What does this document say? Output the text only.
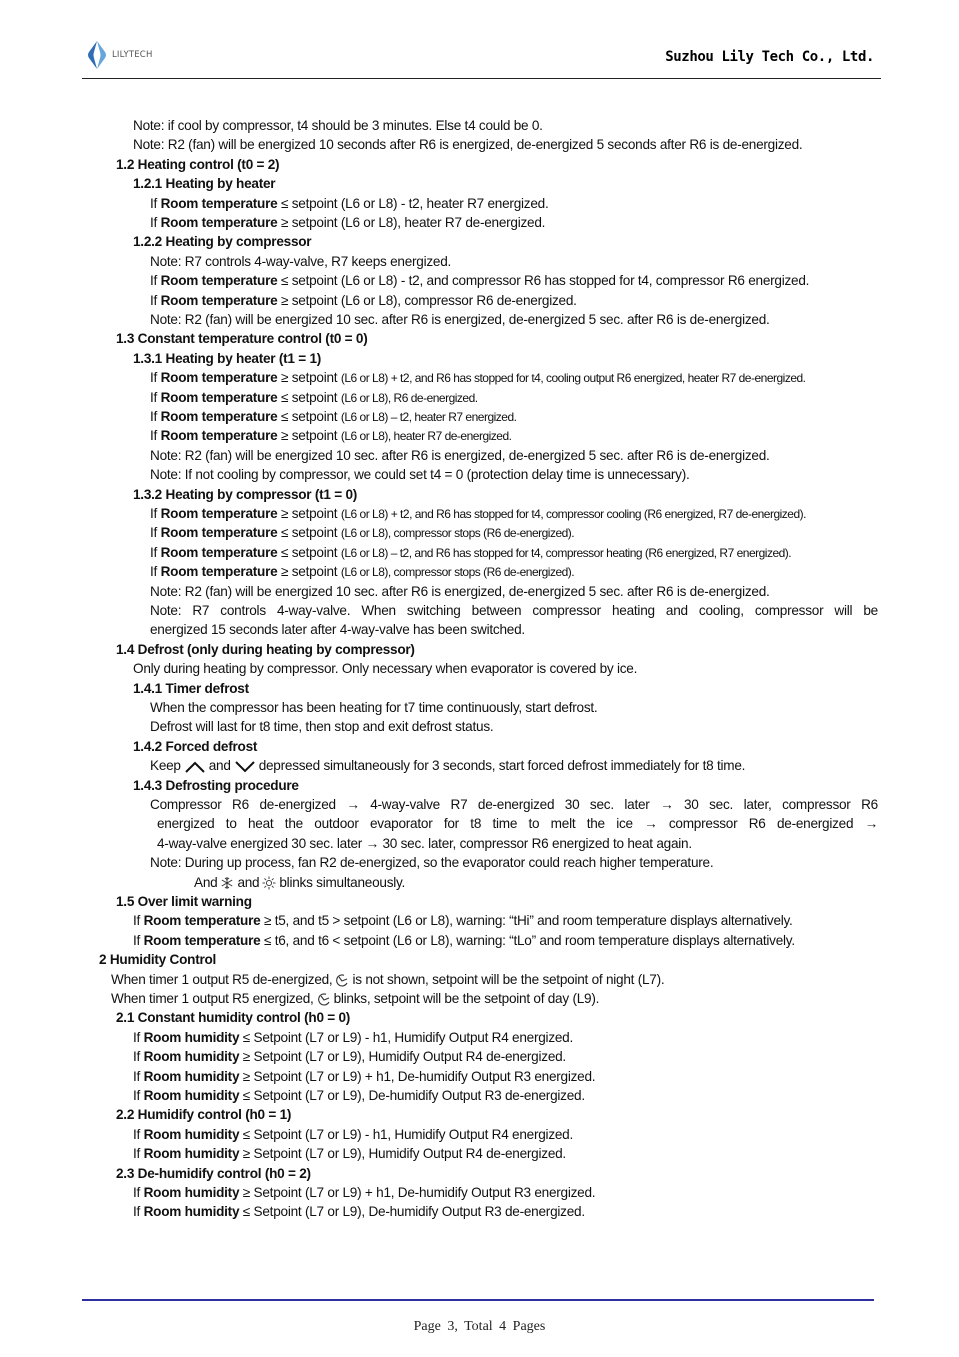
LILYTECH	Suzhou Lily Tech Co., Ltd.
Note: if cool by compressor, t4 should be 3 minutes. Else t4 could be 0.
Note: R2 (fan) will be energized 10 seconds after R6 is energized, de-energized 5 seconds after R6 is de-energized.
1.2 Heating control (t0 = 2)
1.2.1 Heating by heater
If Room temperature ≤ setpoint (L6 or L8) - t2, heater R7 energized.
If Room temperature ≥ setpoint (L6 or L8), heater R7 de-energized.
1.2.2 Heating by compressor
Note: R7 controls 4-way-valve, R7 keeps energized.
If Room temperature ≤ setpoint (L6 or L8) - t2, and compressor R6 has stopped for t4, compressor R6 energized.
If Room temperature ≥ setpoint (L6 or L8), compressor R6 de-energized.
Note: R2 (fan) will be energized 10 sec. after R6 is energized, de-energized 5 sec. after R6 is de-energized.
1.3 Constant temperature control (t0 = 0)
1.3.1 Heating by heater (t1 = 1)
If Room temperature ≥ setpoint (L6 or L8) + t2, and R6 has stopped for t4, cooling output R6 energized, heater R7 de-energized.
If Room temperature ≤ setpoint (L6 or L8), R6 de-energized.
If Room temperature ≤ setpoint (L6 or L8) – t2, heater R7 energized.
If Room temperature ≥ setpoint (L6 or L8), heater R7 de-energized.
Note: R2 (fan) will be energized 10 sec. after R6 is energized, de-energized 5 sec. after R6 is de-energized.
Note: If not cooling by compressor, we could set t4 = 0 (protection delay time is unnecessary).
1.3.2 Heating by compressor (t1 = 0)
If Room temperature ≥ setpoint (L6 or L8) + t2, and R6 has stopped for t4, compressor cooling (R6 energized, R7 de-energized).
If Room temperature ≤ setpoint (L6 or L8), compressor stops (R6 de-energized).
If Room temperature ≤ setpoint (L6 or L8) – t2, and R6 has stopped for t4, compressor heating (R6 energized, R7 energized).
If Room temperature ≥ setpoint (L6 or L8), compressor stops (R6 de-energized).
Note: R2 (fan) will be energized 10 sec. after R6 is energized, de-energized 5 sec. after R6 is de-energized.
Note: R7 controls 4-way-valve. When switching between compressor heating and cooling, compressor will be
energized 15 seconds later after 4-way-valve has been switched.
1.4 Defrost (only during heating by compressor)
Only during heating by compressor. Only necessary when evaporator is covered by ice.
1.4.1 Timer defrost
When the compressor has been heating for t7 time continuously, start defrost.
Defrost will last for t8 time, then stop and exit defrost status.
1.4.2 Forced defrost
Keep and depressed simultaneously for 3 seconds, start forced defrost immediately for t8 time.
1.4.3 Defrosting procedure
Compressor R6 de-energized → 4-way-valve R7 de-energized 30 sec. later → 30 sec. later, compressor R6
energized to heat the outdoor evaporator for t8 time to melt the ice → compressor R6 de-energized →
4-way-valve energized 30 sec. later → 30 sec. later, compressor R6 energized to heat again.
Note: During up process, fan R2 de-energized, so the evaporator could reach higher temperature.
And and blinks simultaneously.
1.5 Over limit warning
If Room temperature ≥ t5, and t5 > setpoint (L6 or L8), warning: “tHi” and room temperature displays alternatively.
If Room temperature ≤ t6, and t6 < setpoint (L6 or L8), warning: “tLo” and room temperature displays alternatively.
2 Humidity Control
When timer 1 output R5 de-energized, is not shown, setpoint will be the setpoint of night (L7).
When timer 1 output R5 energized, blinks, setpoint will be the setpoint of day (L9).
2.1 Constant humidity control (h0 = 0)
If Room humidity ≤ Setpoint (L7 or L9) - h1, Humidify Output R4 energized.
If Room humidity ≥ Setpoint (L7 or L9), Humidify Output R4 de-energized.
If Room humidity ≥ Setpoint (L7 or L9) + h1, De-humidify Output R3 energized.
If Room humidity ≤ Setpoint (L7 or L9), De-humidify Output R3 de-energized.
2.2 Humidify control (h0 = 1)
If Room humidity ≤ Setpoint (L7 or L9) - h1, Humidify Output R4 energized.
If Room humidity ≥ Setpoint (L7 or L9), Humidify Output R4 de-energized.
2.3 De-humidify control (h0 = 2)
If Room humidity ≥ Setpoint (L7 or L9) + h1, De-humidify Output R3 energized.
If Room humidity ≤ Setpoint (L7 or L9), De-humidify Output R3 de-energized.
Page 3, Total 4 Pages
